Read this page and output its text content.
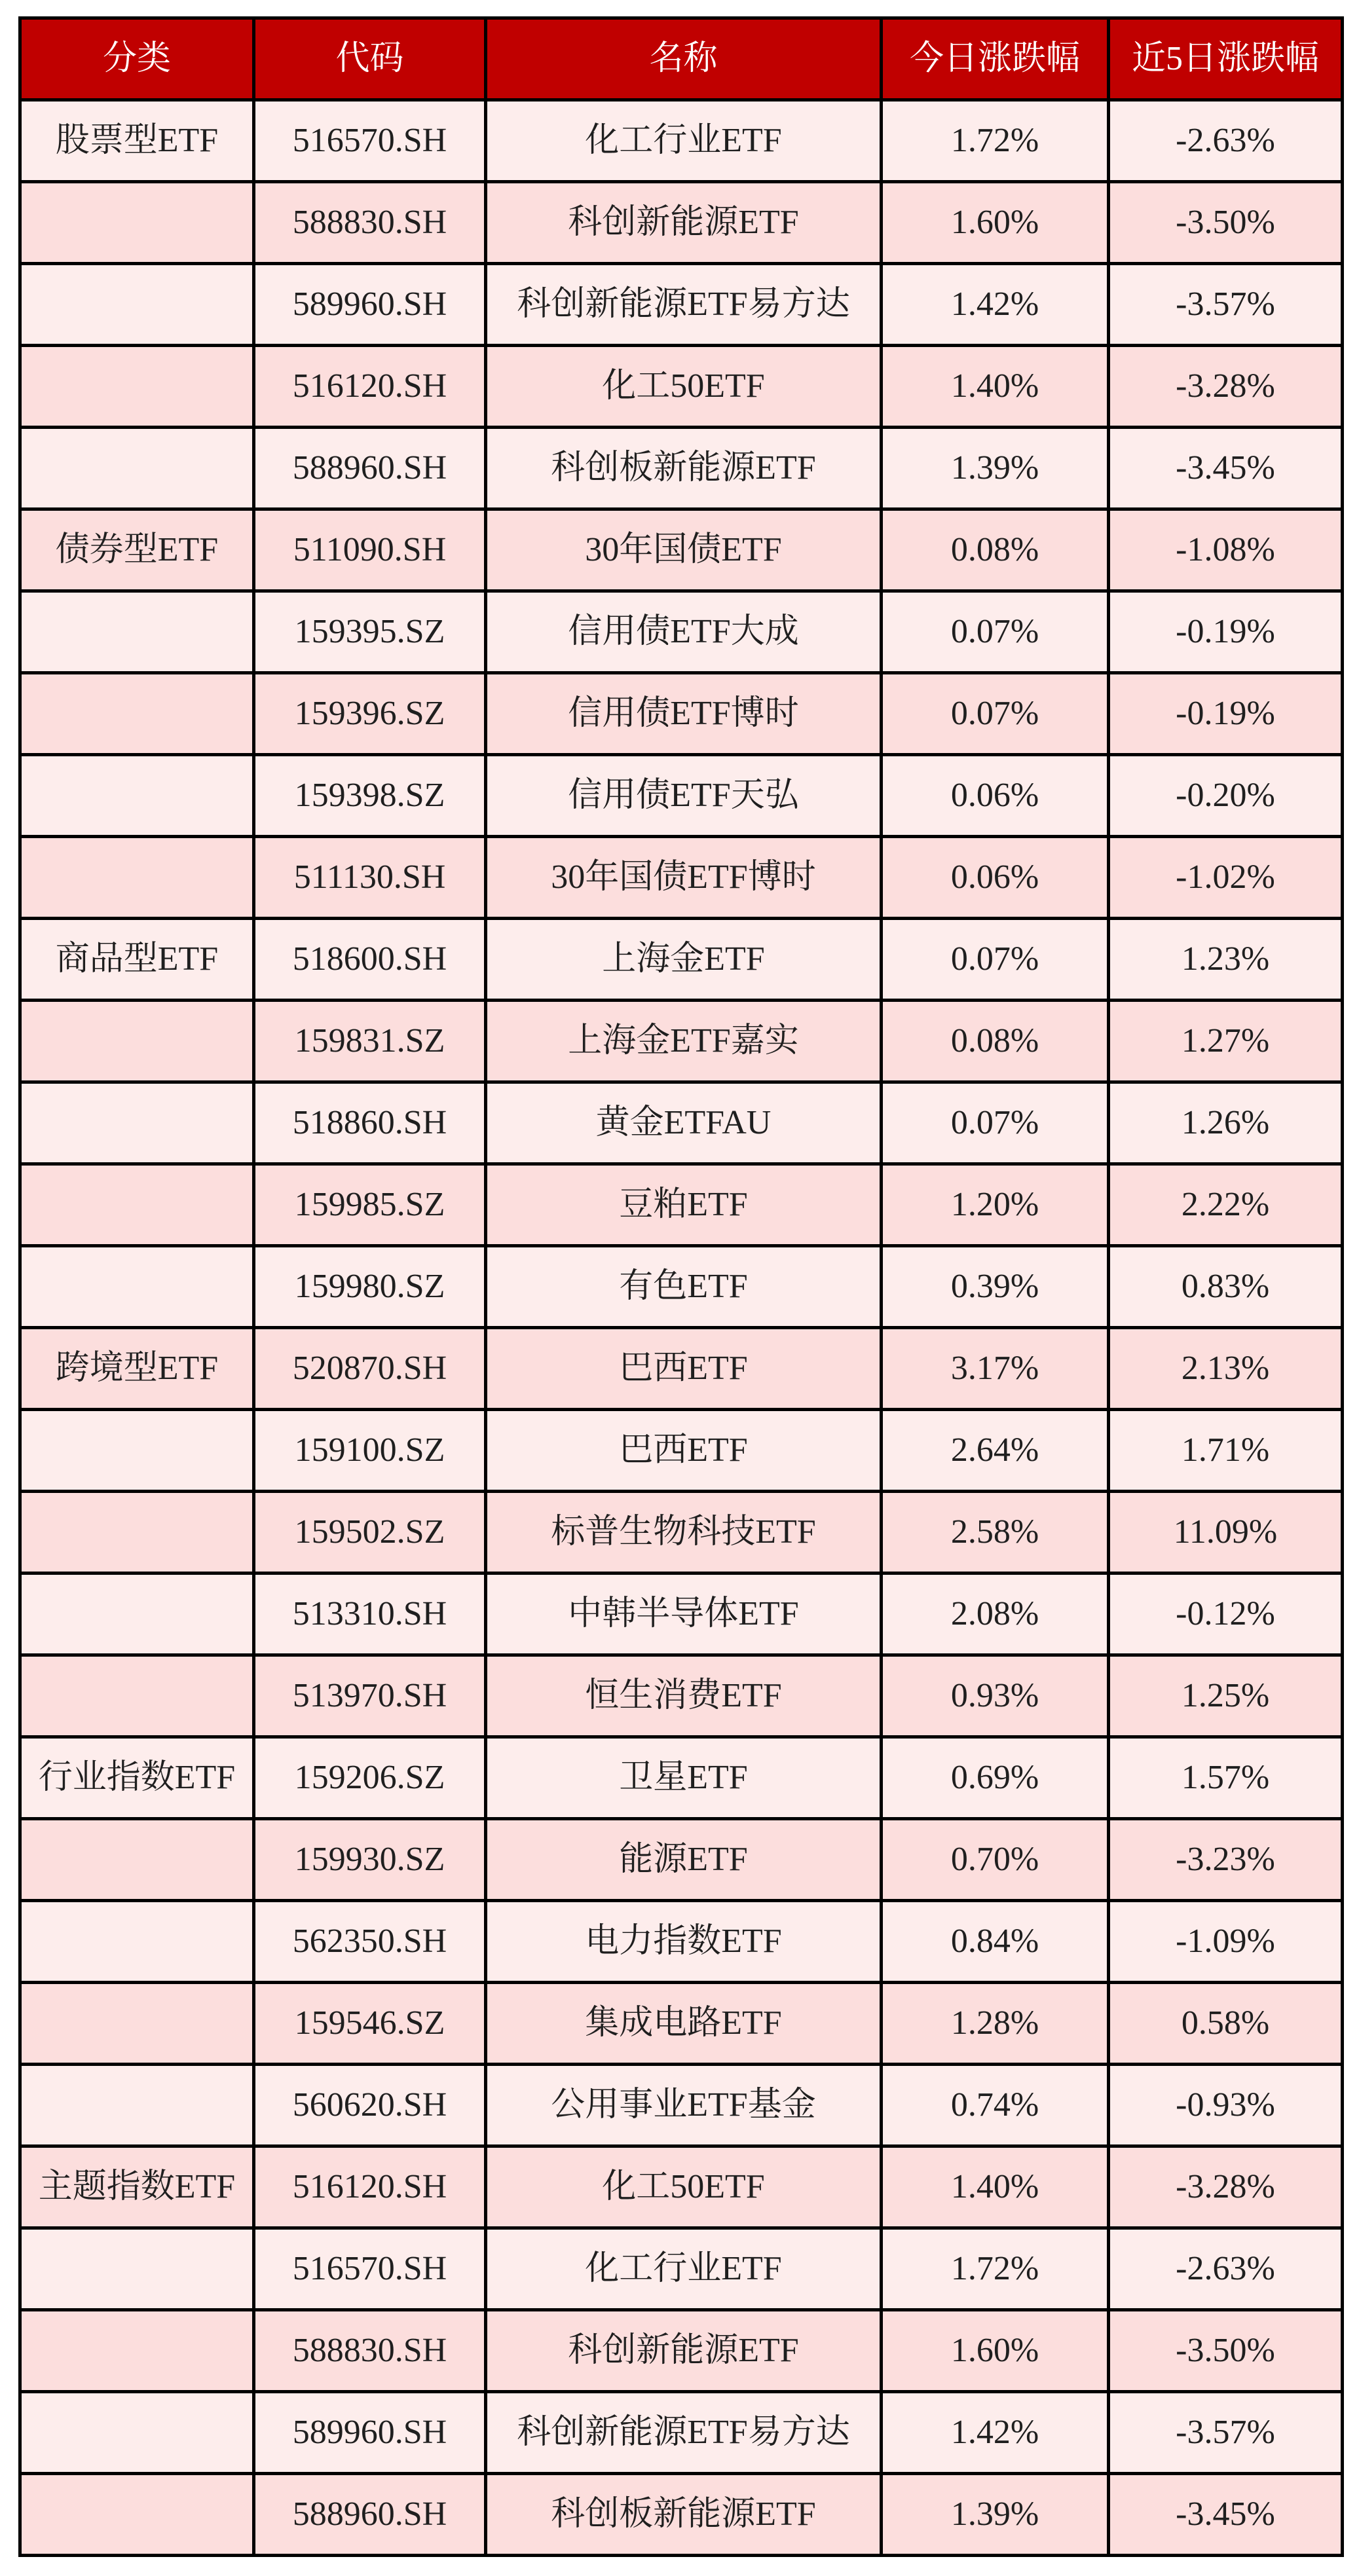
分类	代码	名称	今日涨跌幅	近5日涨跌幅
股票型ETF	516570.SH	化工行业ETF	1.72%	-2.63%
	588830.SH	科创新能源ETF	1.60%	-3.50%
	589960.SH	科创新能源ETF易方达	1.42%	-3.57%
	516120.SH	化工50ETF	1.40%	-3.28%
	588960.SH	科创板新能源ETF	1.39%	-3.45%
债券型ETF	511090.SH	30年国债ETF	0.08%	-1.08%
	159395.SZ	信用债ETF大成	0.07%	-0.19%
	159396.SZ	信用债ETF博时	0.07%	-0.19%
	159398.SZ	信用债ETF天弘	0.06%	-0.20%
	511130.SH	30年国债ETF博时	0.06%	-1.02%
商品型ETF	518600.SH	上海金ETF	0.07%	1.23%
	159831.SZ	上海金ETF嘉实	0.08%	1.27%
	518860.SH	黄金ETFAU	0.07%	1.26%
	159985.SZ	豆粕ETF	1.20%	2.22%
	159980.SZ	有色ETF	0.39%	0.83%
跨境型ETF	520870.SH	巴西ETF	3.17%	2.13%
	159100.SZ	巴西ETF	2.64%	1.71%
	159502.SZ	标普生物科技ETF	2.58%	11.09%
	513310.SH	中韩半导体ETF	2.08%	-0.12%
	513970.SH	恒生消费ETF	0.93%	1.25%
行业指数ETF	159206.SZ	卫星ETF	0.69%	1.57%
	159930.SZ	能源ETF	0.70%	-3.23%
	562350.SH	电力指数ETF	0.84%	-1.09%
	159546.SZ	集成电路ETF	1.28%	0.58%
	560620.SH	公用事业ETF基金	0.74%	-0.93%
主题指数ETF	516120.SH	化工50ETF	1.40%	-3.28%
	516570.SH	化工行业ETF	1.72%	-2.63%
	588830.SH	科创新能源ETF	1.60%	-3.50%
	589960.SH	科创新能源ETF易方达	1.42%	-3.57%
	588960.SH	科创板新能源ETF	1.39%	-3.45%
